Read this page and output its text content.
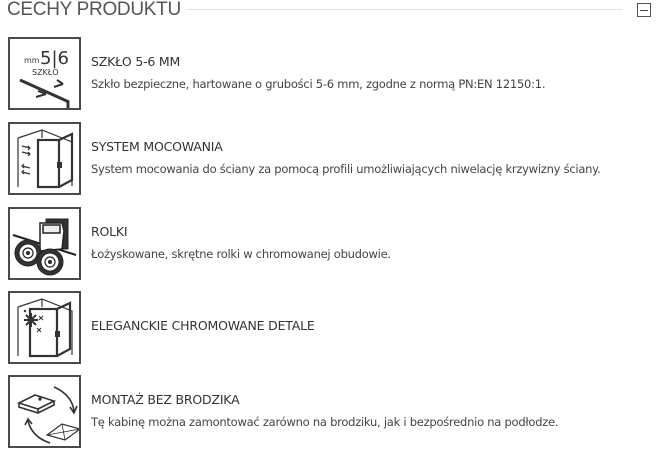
CECHY PRODUKTU
mm 5|6
SZKŁO
SZKŁO 5-6 MM
Szkło bezpieczne, hartowane o grubości 5-6 mm, zgodne z normą PN:EN 12150:1.
SYSTEM MOCOWANIA
System mocowania do ściany za pomocą profili umożliwiających niwelację krzywizny ściany.
ROLKI
Łożyskowane, skrętne rolki w chromowanej obudowie.
ELEGANCKIE CHROMOWANE DETALE
MONTAŻ BEZ BRODZIKA
Tę kabinę można zamontować zarówno na brodziku, jak i bezpośrednio na podłodze.
